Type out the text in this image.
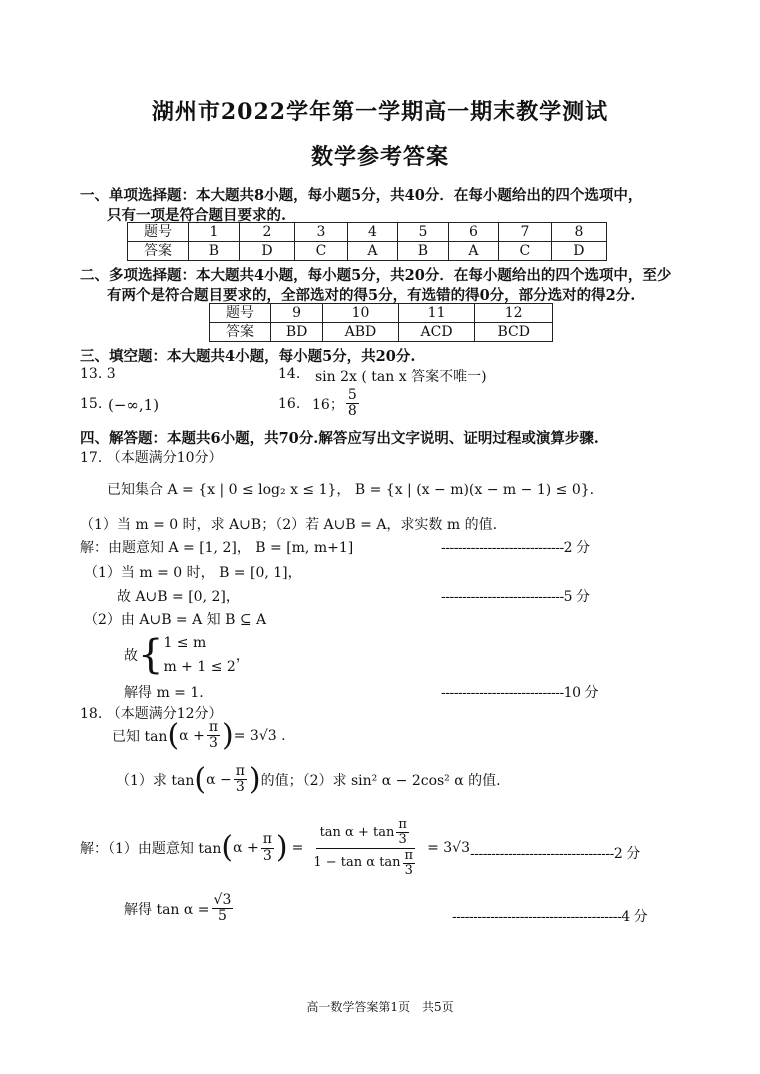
湖州市2022学年第一学期高一期末教学测试
数学参考答案
一、单项选择题：本大题共8小题，每小题5分，共40分．在每小题给出的四个选项中，
只有一项是符合题目要求的.
题号	1	2	3	4	5	6	7	8
答案	B	D	C	A	B	A	C	D
二、多项选择题：本大题共4小题，每小题5分，共20分．在每小题给出的四个选项中，至少
有两个是符合题目要求的，全部选对的得5分，有选错的得0分，部分选对的得2分.
题号	9	10	11	12
答案	BD	ABD	ACD	BCD
三、填空题：本大题共4小题，每小题5分，共20分.
13. 3	14. sin 2x ( tan x 答案不唯一)
15. (−∞,1)	16. 16； $\frac{5}{8}$
四、解答题：本题共6小题，共70分.解答应写出文字说明、证明过程或演算步骤.
17. （本题满分10分）
已知集合 A = {x | 0 ≤ log₂ x ≤ 1}， B = {x | (x − m)(x − m − 1) ≤ 0}.
（1）当 m = 0 时，求 A∪B；（2）若 A∪B = A，求实数 m 的值.
解：由题意知 A = [1, 2]， B = [m, m+1]	-----------------------------2 分
（1）当 m = 0 时， B = [0, 1]，
故 A∪B = [0, 2]，	-----------------------------5 分
（2）由 A∪B = A 知 B ⊆ A
故 { 1 ≤ m
m + 1 ≤ 2
，
解得 m = 1.	-----------------------------10 分
18. （本题满分12分）
已知 tan ( $\alpha + \frac{\pi}{3}$ ) = 3√3 .
（1）求 tan ( $\alpha - \frac{\pi}{3}$ ) 的值；（2）求 sin² α − 2cos² α 的值.
解：（1）由题意知 tan ( $\alpha + \frac{\pi}{3}$ ) = $\frac{\tan \alpha + \tan \frac{\pi}{3}}{1 - \tan \alpha \tan \frac{\pi}{3}} = 3√3$ ----------------------------------2 分
解得 $\tan \alpha = \frac{√3}{5}$	----------------------------------------4 分
高一数学答案第1页　共5页
